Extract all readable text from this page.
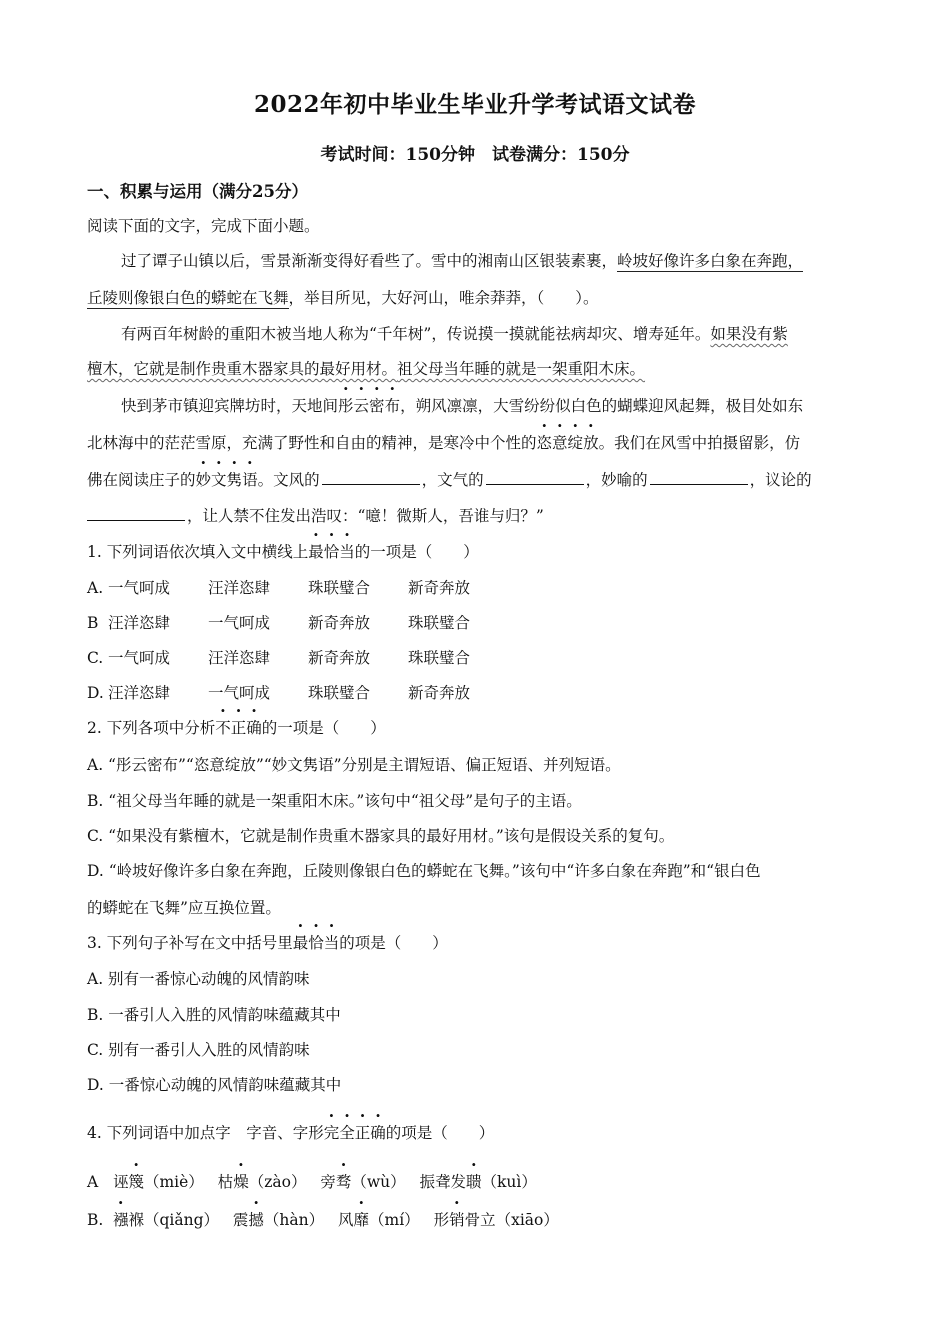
2022年初中毕业生毕业升学考试语文试卷
考试时间：150分钟　试卷满分：150分
一、积累与运用（满分25分）
阅读下面的文字，完成下面小题。
过了谭子山镇以后，雪景渐渐变得好看些了。雪中的湘南山区银装素裹，岭坡好像许多白象在奔跑，
丘陵则像银白色的蟒蛇在飞舞，举目所见，大好河山，唯余莽莽，（　　）。
有两百年树龄的重阳木被当地人称为“千年树”，传说摸一摸就能祛病却灾、增寿延年。如果没有紫
檀木，它就是制作贵重木器家具的最好用材。祖父母当年睡的就是一架重阳木床。
快到茅市镇迎宾牌坊时，天地间彤云密布，朔风凛凛，大雪纷纷似白色的蝴蝶迎风起舞，极目处如东
北林海中的茫茫雪原，充满了野性和自由的精神，是寒冷中个性的恣意绽放。我们在风雪中拍摄留影，仿
佛在阅读庄子的妙文隽语。文风的	，文气的	，妙喻的	，议论的
，让人禁不住发出浩叹：“噫！微斯人，吾谁与归？”
1. 下列词语依次填入文中横线上最恰当的一项是（　　）
A. 一气呵成 汪洋恣肆 珠联璧合 新奇奔放
B 汪洋恣肆 一气呵成 新奇奔放 珠联璧合
C. 一气呵成 汪洋恣肆 新奇奔放 珠联璧合
D. 汪洋恣肆 一气呵成 珠联璧合 新奇奔放
2. 下列各项中分析不正确的一项是（　　）
A. “彤云密布”“恣意绽放”“妙文隽语”分别是主谓短语、偏正短语、并列短语。
B. “祖父母当年睡的就是一架重阳木床。”该句中“祖父母”是句子的主语。
C. “如果没有紫檀木，它就是制作贵重木器家具的最好用材。”该句是假设关系的复句。
D. “岭坡好像许多白象在奔跑，丘陵则像银白色的蟒蛇在飞舞。”该句中“许多白象在奔跑”和“银白色
的蟒蛇在飞舞”应互换位置。
3. 下列句子补写在文中括号里最恰当的项是（　　）
A. 别有一番惊心动魄的风情韵味
B. 一番引人入胜的风情韵味蕴藏其中
C. 别有一番引人入胜的风情韵味
D. 一番惊心动魄的风情韵味蕴藏其中
4. 下列词语中加点字　字音、字形完全正确的项是（　　）
A 诬篾（miè） 枯燥（zào） 旁骛（wù） 振聋发聩（kuì）
B. 襁褓（qiǎng） 震撼（hàn） 风靡（mí） 形销骨立（xiāo）
